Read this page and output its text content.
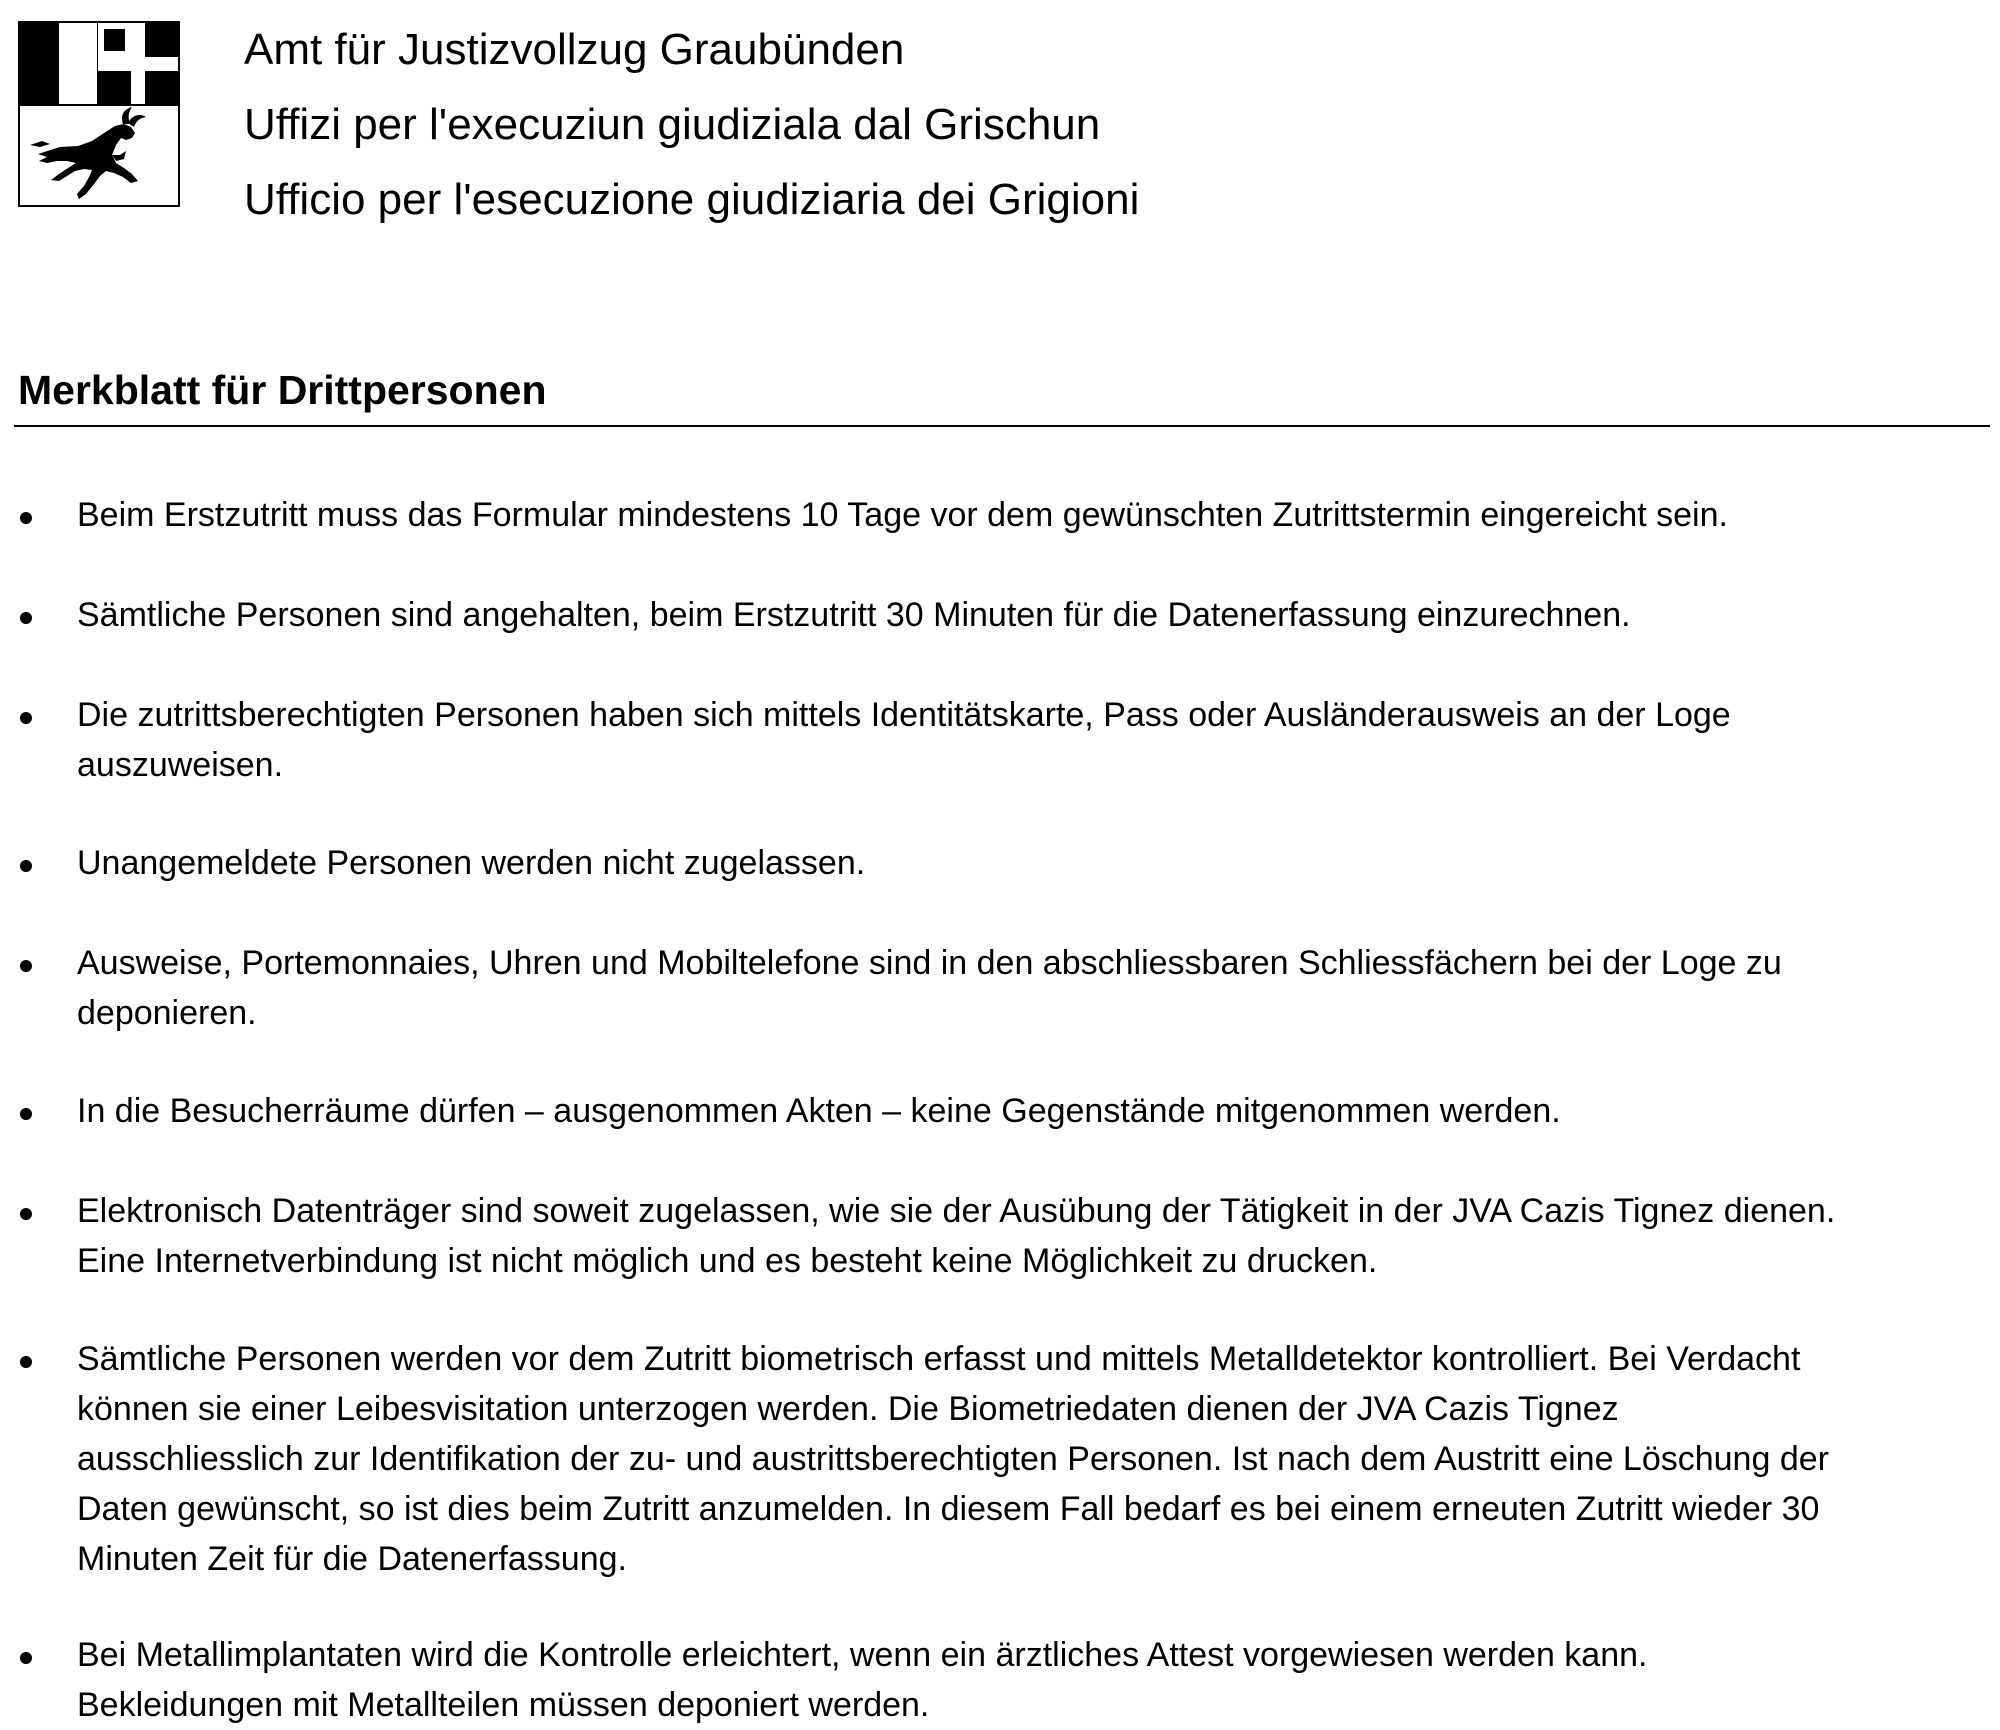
Amt für Justizvollzug Graubünden
Uffizi per l'execuziun giudiziala dal Grischun
Ufficio per l'esecuzione giudiziaria dei Grigioni
Merkblatt für Drittpersonen
Beim Erstzutritt muss das Formular mindestens 10 Tage vor dem gewünschten Zutrittstermin eingereicht sein.
Sämtliche Personen sind angehalten, beim Erstzutritt 30 Minuten für die Datenerfassung einzurechnen.
Die zutrittsberechtigten Personen haben sich mittels Identitätskarte, Pass oder Ausländerausweis an der Loge
auszuweisen.
Unangemeldete Personen werden nicht zugelassen.
Ausweise, Portemonnaies, Uhren und Mobiltelefone sind in den abschliessbaren Schliessfächern bei der Loge zu
deponieren.
In die Besucherräume dürfen – ausgenommen Akten – keine Gegenstände mitgenommen werden.
Elektronisch Datenträger sind soweit zugelassen, wie sie der Ausübung der Tätigkeit in der JVA Cazis Tignez dienen.
Eine Internetverbindung ist nicht möglich und es besteht keine Möglichkeit zu drucken.
Sämtliche Personen werden vor dem Zutritt biometrisch erfasst und mittels Metalldetektor kontrolliert. Bei Verdacht
können sie einer Leibesvisitation unterzogen werden. Die Biometriedaten dienen der JVA Cazis Tignez
ausschliesslich zur Identifikation der zu- und austrittsberechtigten Personen. Ist nach dem Austritt eine Löschung der
Daten gewünscht, so ist dies beim Zutritt anzumelden. In diesem Fall bedarf es bei einem erneuten Zutritt wieder 30
Minuten Zeit für die Datenerfassung.
Bei Metallimplantaten wird die Kontrolle erleichtert, wenn ein ärztliches Attest vorgewiesen werden kann.
Bekleidungen mit Metallteilen müssen deponiert werden.
